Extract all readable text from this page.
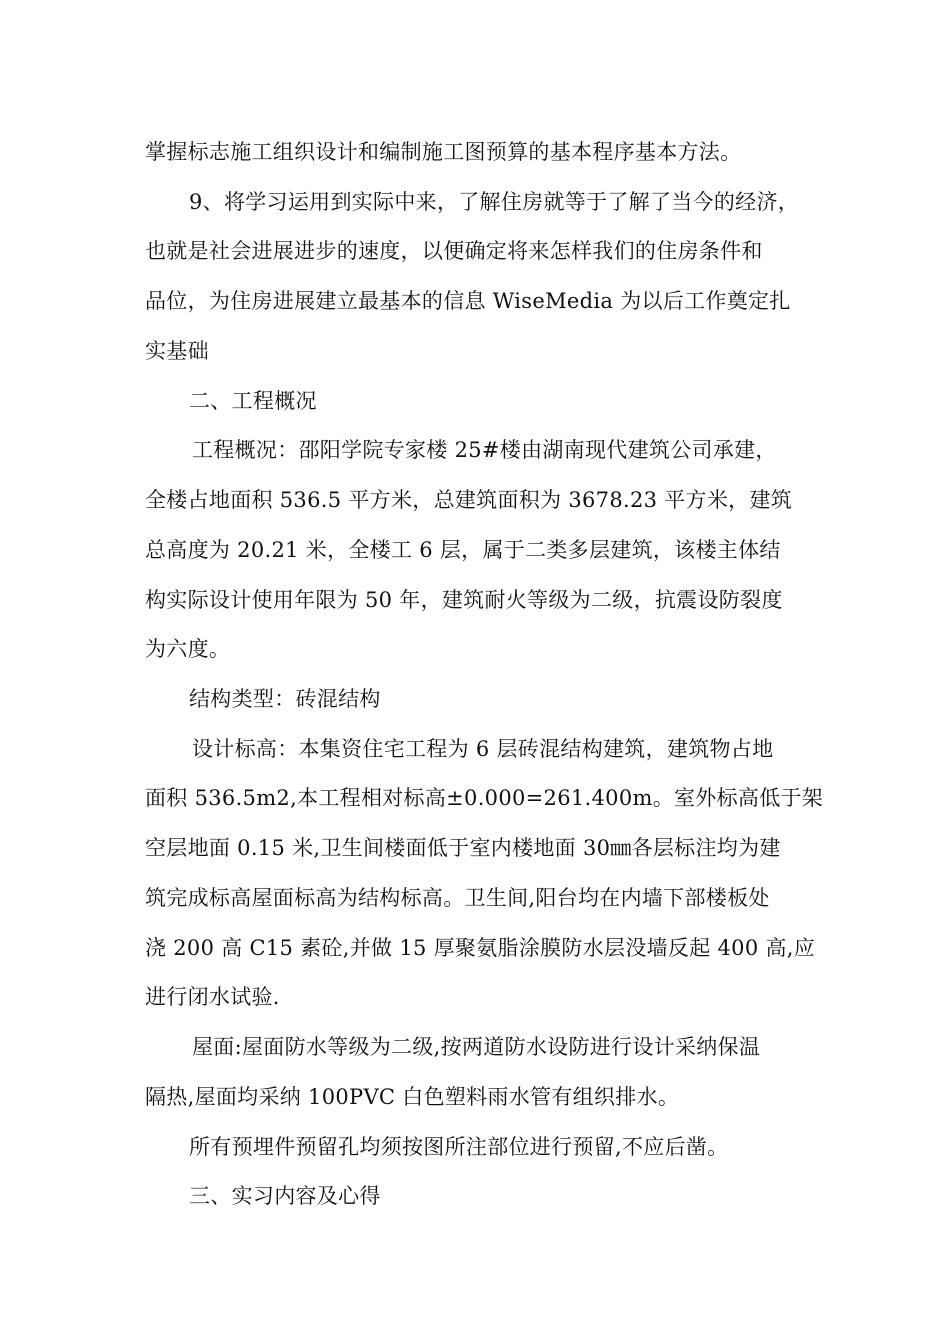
掌握标志施工组织设计和编制施工图预算的基本程序基本方法。
9、将学习运用到实际中来，了解住房就等于了解了当今的经济，
也就是社会进展进步的速度，以便确定将来怎样我们的住房条件和
品位，为住房进展建立最基本的信息 WiseMedia 为以后工作奠定扎
实基础
二、工程概况
工程概况：邵阳学院专家楼 25#楼由湖南现代建筑公司承建，
全楼占地面积 536.5 平方米，总建筑面积为 3678.23 平方米，建筑
总高度为 20.21 米，全楼工 6 层，属于二类多层建筑，该楼主体结
构实际设计使用年限为 50 年，建筑耐火等级为二级，抗震设防裂度
为六度。
结构类型：砖混结构
设计标高：本集资住宅工程为 6 层砖混结构建筑，建筑物占地
面积 536.5m2,本工程相对标高±0.000=261.400m。室外标高低于架
空层地面 0.15 米,卫生间楼面低于室内楼地面 30㎜各层标注均为建
筑完成标高屋面标高为结构标高。卫生间,阳台均在内墙下部楼板处
浇 200 高 C15 素砼,并做 15 厚聚氨脂涂膜防水层没墙反起 400 高,应
进行闭水试验.
屋面:屋面防水等级为二级,按两道防水设防进行设计采纳保温
隔热,屋面均采纳 100PVC 白色塑料雨水管有组织排水。
所有预埋件预留孔均须按图所注部位进行预留,不应后凿。
三、实习内容及心得
